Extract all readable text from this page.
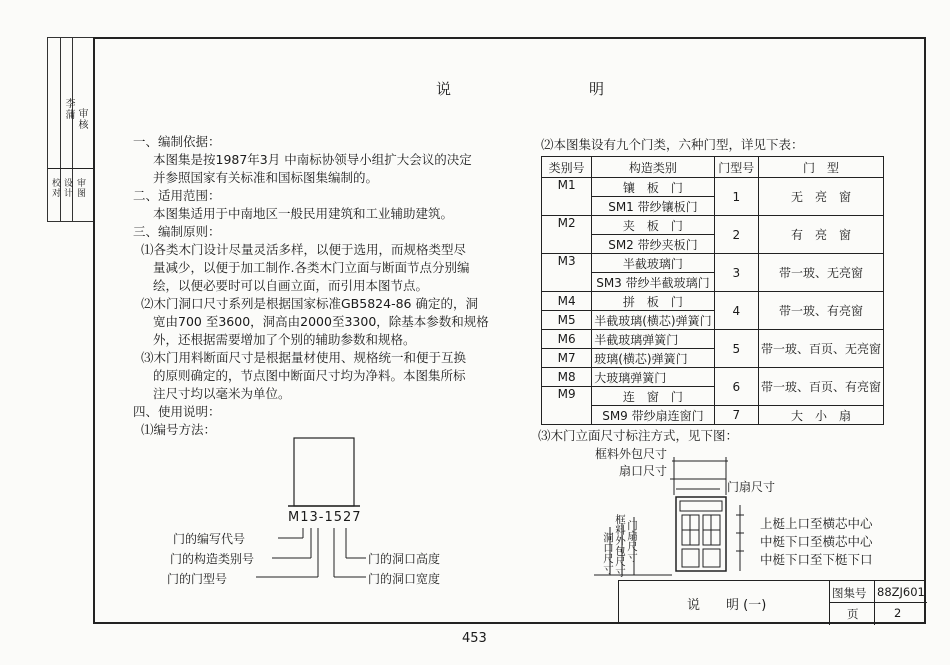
校对 设计 审图
李蒲 审核
说　　　　　　　　明
一、编制依据：
本图集是按1987年3月 中南标协领导小组扩大会议的决定
并参照国家有关标准和国标图集编制的。
二、适用范围：
本图集适用于中南地区一般民用建筑和工业辅助建筑。
三、编制原则：
⑴各类木门设计尽量灵活多样，以便于选用，而规格类型尽
量减少，以便于加工制作.各类木门立面与断面节点分别编
绘，以便必要时可以自画立面，而引用本图节点。
⑵木门洞口尺寸系列是根据国家标准GB5824-86 确定的，洞
宽由700 至3600，洞高由2000至3300，除基本参数和规格
外，还根据需要增加了个别的辅助参数和规格。
⑶木门用料断面尺寸是根据量材使用、规格统一和便于互换
的原则确定的，节点图中断面尺寸均为净料。本图集所标
注尺寸均以毫米为单位。
四、使用说明：
⑴编号方法：
M13-1527
门的编写代号
门的构造类别号
门的门型号
门的洞口高度
门的洞口宽度
⑵本图集设有九个门类，六种门型，详见下表：
类别号	构造类别	门型号	门　型
M1	镶　板　门	1	无　亮　窗
	SM1 带纱镶板门		
M2	夹　板　门	2	有　亮　窗
	SM2 带纱夹板门		
M3	半截玻璃门	3	带一玻、无亮窗
	SM3 带纱半截玻璃门		
M4	拼　板　门	4	带一玻、有亮窗
M5	半截玻璃(横芯)弹簧门		
M6	半截玻璃弹簧门	5	带一玻、百页、无亮窗
M7	玻璃(横芯)弹簧门		
M8	大玻璃弹簧门	6	带一玻、百页、有亮窗
M9	连　窗　门		
	SM9 带纱扇连窗门	7	大　小　扇
⑶木门立面尺寸标注方式，见下图：
框料外包尺寸
扇口尺寸
门扇尺寸
洞口尺寸 框料外包尺寸 门扇尺寸	上梃上口至横芯中心
中梃下口至横芯中心
中梃下口至下梃下口
说　　明 (一)
图集号 88ZJ601
页	2
453
